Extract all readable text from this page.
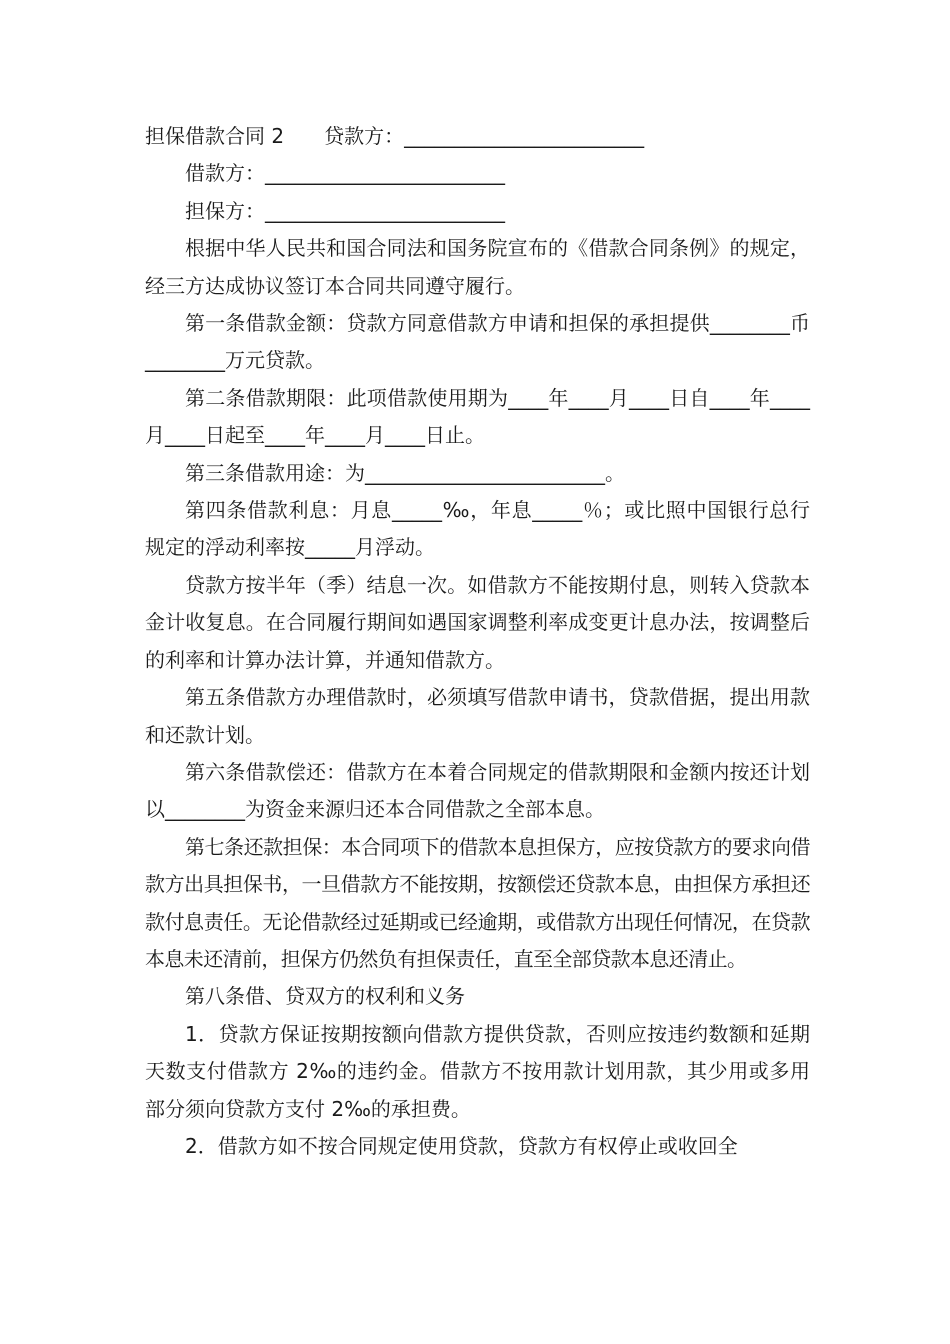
担保借款合同 2　　贷款方：________________________

借款方：________________________

担保方：________________________

根据中华人民共和国合同法和国务院宣布的《借款合同条例》的规定，经三方达成协议签订本合同共同遵守履行。

第一条借款金额：贷款方同意借款方申请和担保的承担提供________币________万元贷款。

第二条借款期限：此项借款使用期为____年____月____日自____年____月____日起至____年____月____日止。

第三条借款用途：为________________________。

第四条借款利息：月息_____‰，年息_____％；或比照中国银行总行规定的浮动利率按_____月浮动。

贷款方按半年（季）结息一次。如借款方不能按期付息，则转入贷款本金计收复息。在合同履行期间如遇国家调整利率成变更计息办法，按调整后的利率和计算办法计算，并通知借款方。

第五条借款方办理借款时，必须填写借款申请书，贷款借据，提出用款和还款计划。

第六条借款偿还：借款方在本着合同规定的借款期限和金额内按还计划以________为资金来源归还本合同借款之全部本息。

第七条还款担保：本合同项下的借款本息担保方，应按贷款方的要求向借款方出具担保书，一旦借款方不能按期，按额偿还贷款本息，由担保方承担还款付息责任。无论借款经过延期或已经逾期，或借款方出现任何情况，在贷款本息未还清前，担保方仍然负有担保责任，直至全部贷款本息还清止。

第八条借、贷双方的权利和义务

1．贷款方保证按期按额向借款方提供贷款，否则应按违约数额和延期天数支付借款方 2‰的违约金。借款方不按用款计划用款，其少用或多用部分须向贷款方支付 2‰的承担费。

2．借款方如不按合同规定使用贷款，贷款方有权停止或收回全
